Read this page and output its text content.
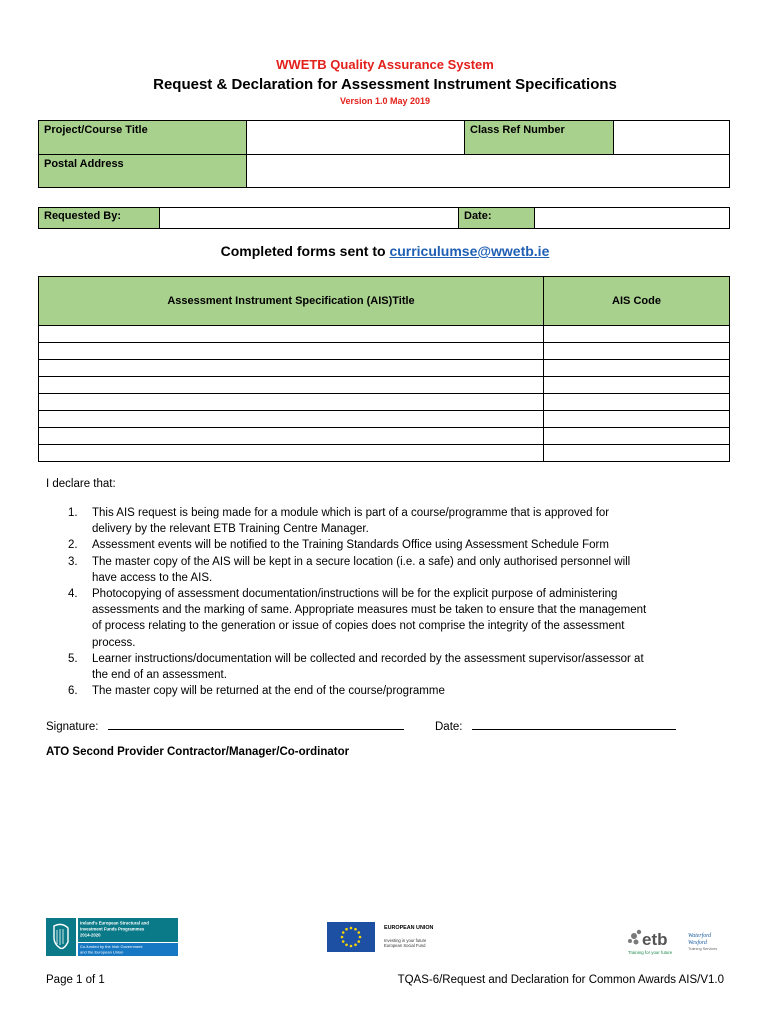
WWETB Quality Assurance System
Request & Declaration for Assessment Instrument Specifications
Version 1.0 May 2019
Project/Course Title		Class Ref Number	
Postal Address			
Requested By:		Date:	
Completed forms sent to curriculumse@wwetb.ie
Assessment Instrument Specification (AIS)Title	AIS Code

I declare that:
1. This AIS request is being made for a module which is part of a course/programme that is approved for
delivery by the relevant ETB Training Centre Manager.
2. Assessment events will be notified to the Training Standards Office using Assessment Schedule Form
3. The master copy of the AIS will be kept in a secure location (i.e. a safe) and only authorised personnel will
have access to the AIS.
4. Photocopying of assessment documentation/instructions will be for the explicit purpose of administering
assessments and the marking of same. Appropriate measures must be taken to ensure that the management
of process relating to the generation or issue of copies does not comprise the integrity of the assessment
process.
5. Learner instructions/documentation will be collected and recorded by the assessment supervisor/assessor at
the end of an assessment.
6. The master copy will be returned at the end of the course/programme
Signature:	Date:
ATO Second Provider Contractor/Manager/Co-ordinator
Ireland's European Structural and
Investment Funds Programmes
2014-2020
Co-funded by the Irish Government
and the European Union
EUROPEAN UNION
Investing in your future
European Social Fund	etb
Training for your future
Waterford
Wexford
Training Services
Page 1 of 1	TQAS-6/Request and Declaration for Common Awards AIS/V1.0
